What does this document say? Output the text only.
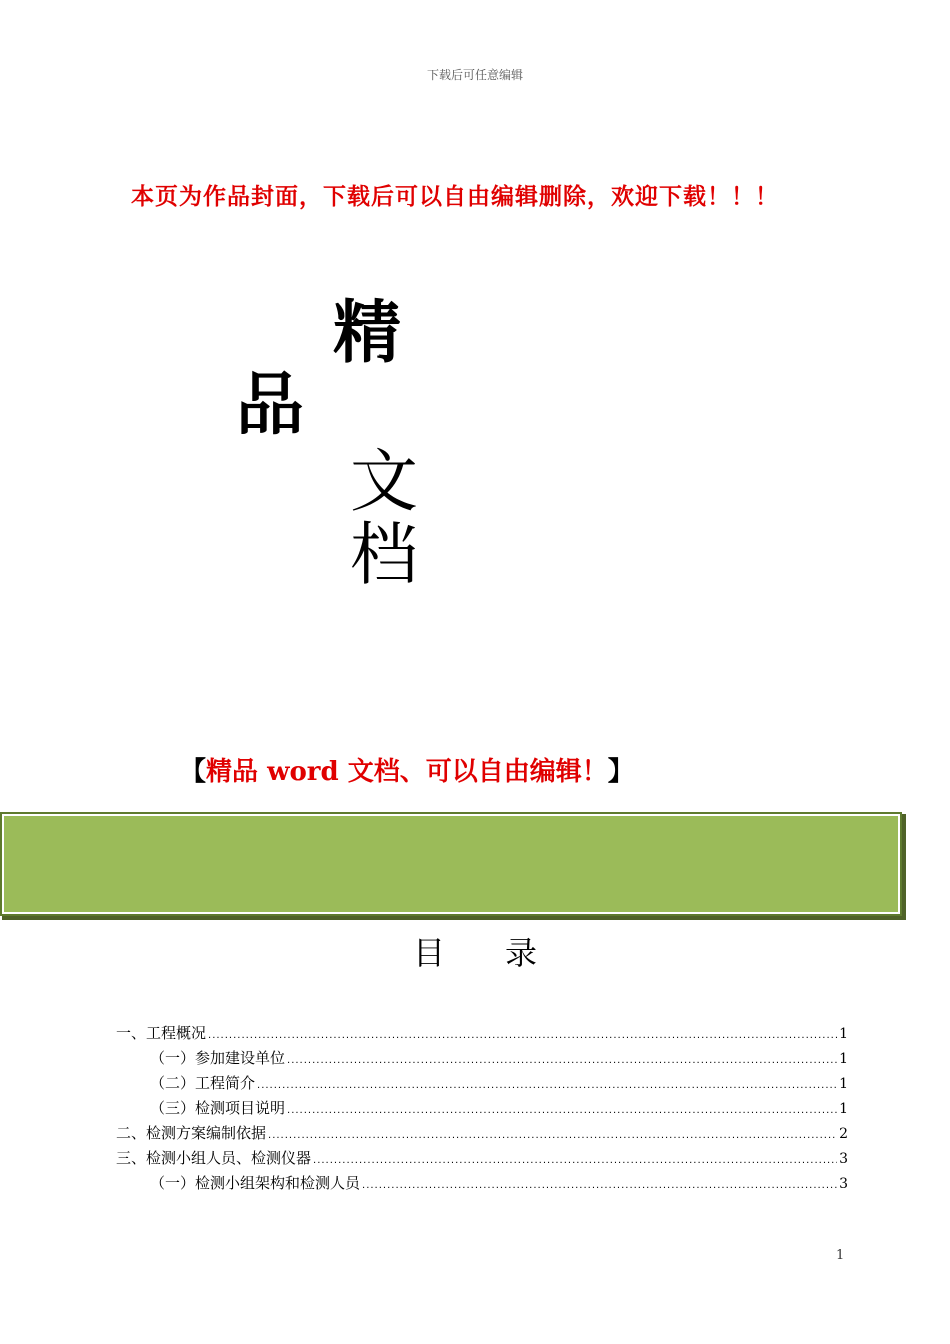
下载后可任意编辑
本页为作品封面，下载后可以自由编辑删除，欢迎下载！！！
精
品
文
档
【精品 word 文档、可以自由编辑！】
目 录
一、工程概况 .....	1
（一）参加建设单位 .....	1
（二）工程简介 .....	1
（三）检测项目说明 .....	1
二、检测方案编制依据 .....	2
三、检测小组人员、检测仪器 .....	3
（一）检测小组架构和检测人员 .....	3
1
